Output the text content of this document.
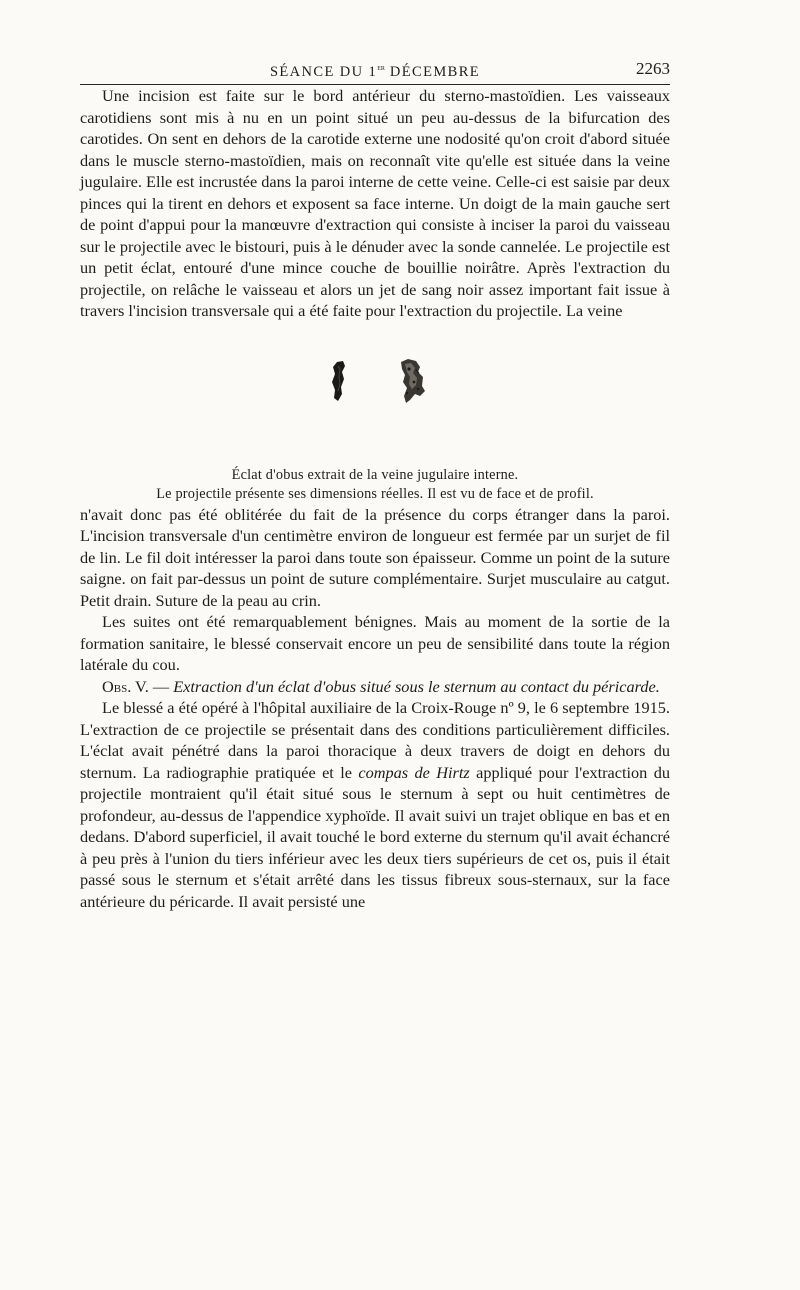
SÉANCE DU 1er DÉCEMBRE	2263

Une incision est faite sur le bord antérieur du sterno-mastoïdien. Les vaisseaux carotidiens sont mis à nu en un point situé un peu au-dessus de la bifurcation des carotides. On sent en dehors de la carotide externe une nodosité qu'on croit d'abord située dans le muscle sterno-mastoïdien, mais on reconnaît vite qu'elle est située dans la veine jugulaire. Elle est incrustée dans la paroi interne de cette veine. Celle-ci est saisie par deux pinces qui la tirent en dehors et exposent sa face interne. Un doigt de la main gauche sert de point d'appui pour la manœuvre d'extraction qui consiste à inciser la paroi du vaisseau sur le projectile avec le bistouri, puis à le dénuder avec la sonde cannelée. Le projectile est un petit éclat, entouré d'une mince couche de bouillie noirâtre. Après l'extraction du projectile, on relâche le vaisseau et alors un jet de sang noir assez important fait issue à travers l'incision transversale qui a été faite pour l'extraction du projectile. La veine

Éclat d'obus extrait de la veine jugulaire interne.
Le projectile présente ses dimensions réelles. Il est vu de face et de profil.

n'avait donc pas été oblitérée du fait de la présence du corps étranger dans la paroi. L'incision transversale d'un centimètre environ de longueur est fermée par un surjet de fil de lin. Le fil doit intéresser la paroi dans toute son épaisseur. Comme un point de la suture saigne. on fait par-dessus un point de suture complémentaire. Surjet musculaire au catgut. Petit drain. Suture de la peau au crin.

Les suites ont été remarquablement bénignes. Mais au moment de la sortie de la formation sanitaire, le blessé conservait encore un peu de sensibilité dans toute la région latérale du cou.

Obs. V. — Extraction d'un éclat d'obus situé sous le sternum au contact du péricarde.

Le blessé a été opéré à l'hôpital auxiliaire de la Croix-Rouge nº 9, le 6 septembre 1915. L'extraction de ce projectile se présentait dans des conditions particulièrement difficiles. L'éclat avait pénétré dans la paroi thoracique à deux travers de doigt en dehors du sternum. La radiographie pratiquée et le compas de Hirtz appliqué pour l'extraction du projectile montraient qu'il était situé sous le sternum à sept ou huit centimètres de profondeur, au-dessus de l'appendice xyphoïde. Il avait suivi un trajet oblique en bas et en dedans. D'abord superficiel, il avait touché le bord externe du sternum qu'il avait échancré à peu près à l'union du tiers inférieur avec les deux tiers supérieurs de cet os, puis il était passé sous le sternum et s'était arrêté dans les tissus fibreux sous-sternaux, sur la face antérieure du péricarde. Il avait persisté une
